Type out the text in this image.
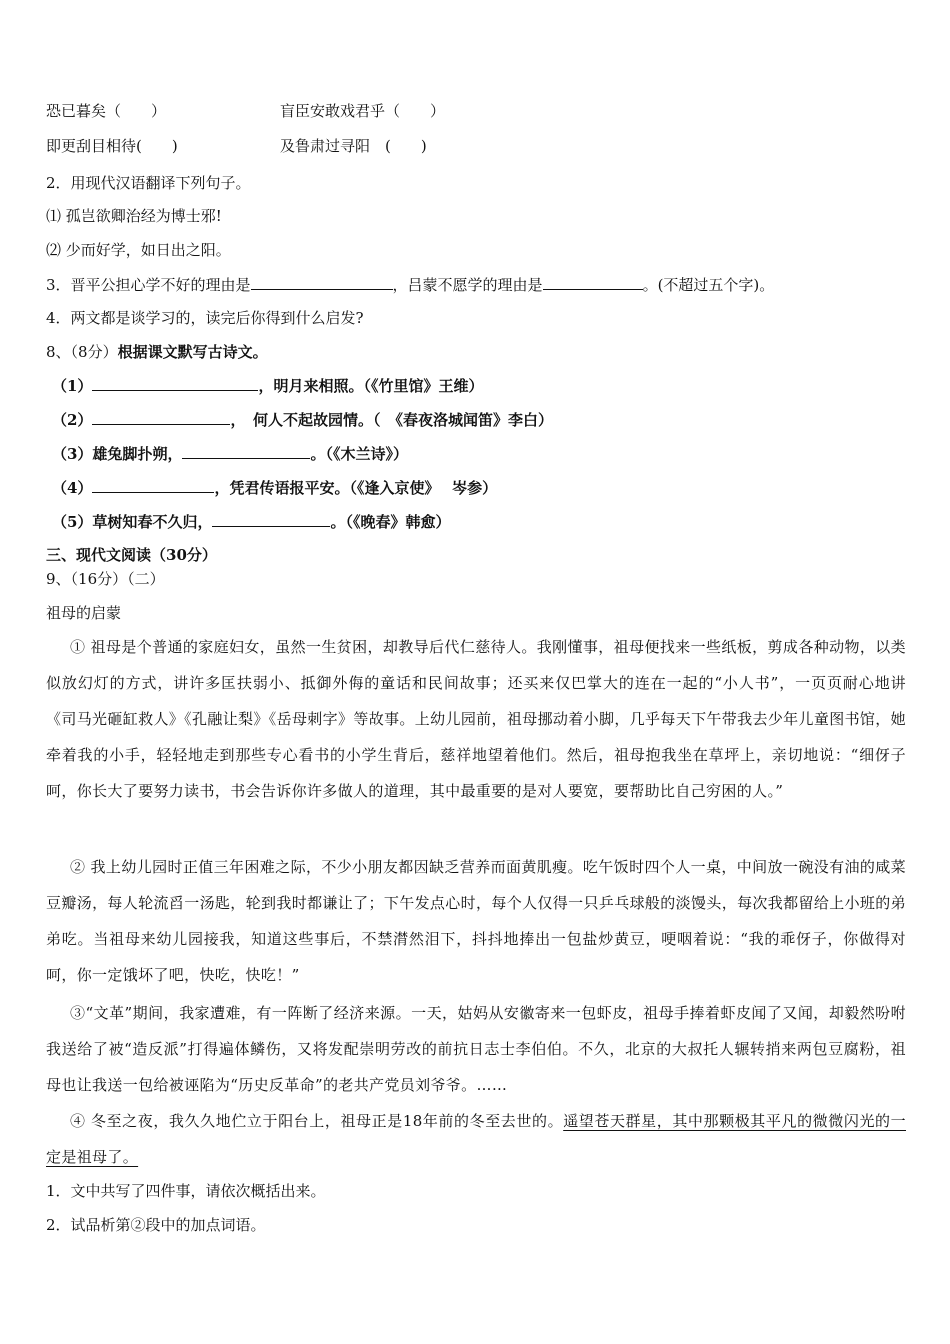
恐已暮矣（　　）	盲臣安敢戏君乎（　　）
即更刮目相待(　　)	及鲁肃过寻阳　(　　)
2．用现代汉语翻译下列句子。
⑴ 孤岂欲卿治经为博士邪!
⑵ 少而好学，如日出之阳。
3．晋平公担心学不好的理由是	，吕蒙不愿学的理由是	。(不超过五个字)。
4．两文都是谈学习的，读完后你得到什么启发?
8、（8分）根据课文默写古诗文。
（1）	，明月来相照。（《竹里馆》王维）
（2）	，　何人不起故园情。（　《春夜洛城闻笛》李白）
（3）雄兔脚扑朔，	。（《木兰诗》）
（4）	，凭君传语报平安。（《逢入京使》　 岑参）
（5）草树知春不久归，	。（《晚春》韩愈）
三、现代文阅读（30分）
9、（16分）（二）
祖母的启蒙
① 祖母是个普通的家庭妇女，虽然一生贫困，却教导后代仁慈待人。我刚懂事，祖母便找来一些纸板，剪成各种动物，以类似放幻灯的方式，讲许多匡扶弱小、抵御外侮的童话和民间故事；还买来仅巴掌大的连在一起的“小人书”，一页页耐心地讲《司马光砸缸救人》《孔融让梨》《岳母刺字》等故事。上幼儿园前，祖母挪动着小脚，几乎每天下午带我去少年儿童图书馆，她牵着我的小手，轻轻地走到那些专心看书的小学生背后，慈祥地望着他们。然后，祖母抱我坐在草坪上，亲切地说：“细伢子呵，你长大了要努力读书，书会告诉你许多做人的道理，其中最重要的是对人要宽，要帮助比自己穷困的人。”
② 我上幼儿园时正值三年困难之际，不少小朋友都因缺乏营养而面黄肌瘦。吃午饭时四个人一桌，中间放一碗没有油的咸菜豆瓣汤，每人轮流舀一汤匙，轮到我时都谦让了；下午发点心时，每个人仅得一只乒乓球般的淡馒头，每次我都留给上小班的弟弟吃。当祖母来幼儿园接我，知道这些事后，不禁潸然泪下，抖抖地捧出一包盐炒黄豆，哽咽着说：“我的乖伢子，你做得对呵，你一定饿坏了吧，快吃，快吃！”
③“文革”期间，我家遭难，有一阵断了经济来源。一天，姑妈从安徽寄来一包虾皮，祖母手捧着虾皮闻了又闻，却毅然吩咐我送给了被“造反派”打得遍体鳞伤，又将发配崇明劳改的前抗日志士李伯伯。不久，北京的大叔托人辗转捎来两包豆腐粉，祖母也让我送一包给被诬陷为“历史反革命”的老共产党员刘爷爷。……
④ 冬至之夜，我久久地伫立于阳台上，祖母正是18年前的冬至去世的。遥望苍天群星，其中那颗极其平凡的微微闪光的一定是祖母了。
1．文中共写了四件事，请依次概括出来。
2．试品析第②段中的加点词语。
